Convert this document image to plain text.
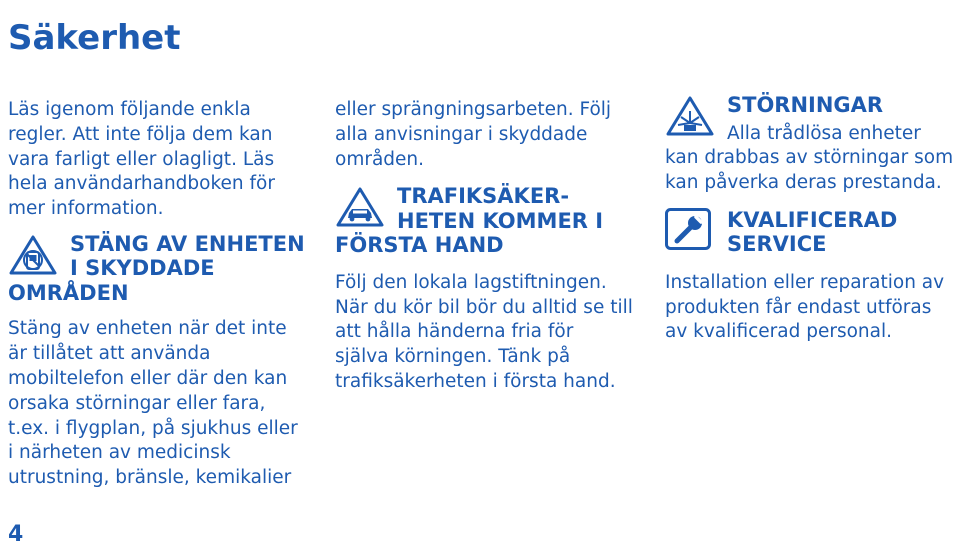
Säkerhet

Läs igenom följande enkla
regler. Att inte följa dem kan
vara farligt eller olagligt. Läs
hela användarhandboken för
mer information.

STÄNG AV ENHETEN
I SKYDDADE
OMRÅDEN

Stäng av enheten när det inte
är tillåtet att använda
mobiltelefon eller där den kan
orsaka störningar eller fara,
t.ex. i flygplan, på sjukhus eller
i närheten av medicinsk
utrustning, bränsle, kemikalier

eller sprängningsarbeten. Följ
alla anvisningar i skyddade
områden.

TRAFIKSÄKER-
HETEN KOMMER I
FÖRSTA HAND

Följ den lokala lagstiftningen.
När du kör bil bör du alltid se till
att hålla händerna fria för
själva körningen. Tänk på
trafiksäkerheten i första hand.

STÖRNINGAR

Alla trådlösa enheter
kan drabbas av störningar som
kan påverka deras prestanda.

KVALIFICERAD
SERVICE

Installation eller reparation av
produkten får endast utföras
av kvalificerad personal.

4
